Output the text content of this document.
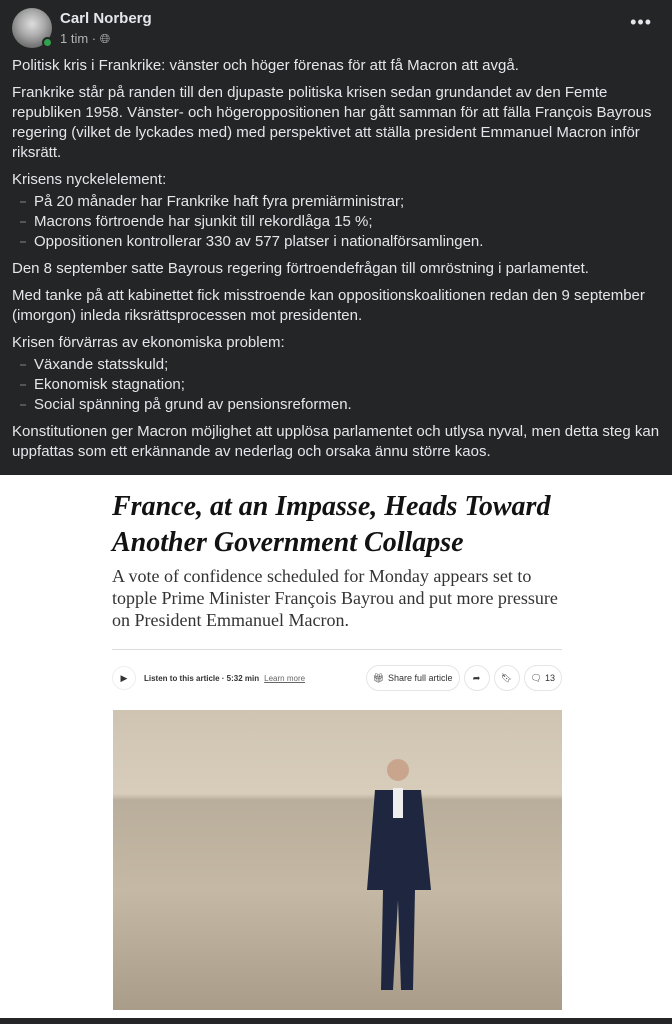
Carl Norberg
1 tim · 🌐︎
•••

Politisk kris i Frankrike: vänster och höger förenas för att få Macron att avgå.

Frankrike står på randen till den djupaste politiska krisen sedan grundandet av den Femte republiken 1958. Vänster- och högeroppositionen har gått samman för att fälla François Bayrous regering (vilket de lyckades med) med perspektivet att ställa president Emmanuel Macron inför riksrätt.

Krisens nyckelelement:

På 20 månader har Frankrike haft fyra premiärministrar;
Macrons förtroende har sjunkit till rekordlåga 15 %;
Oppositionen kontrollerar 330 av 577 platser i nationalförsamlingen.

Den 8 september satte Bayrous regering förtroendefrågan till omröstning i parlamentet.

Med tanke på att kabinettet fick misstroende kan oppositionskoalitionen redan den 9 september (imorgon) inleda riksrättsprocessen mot presidenten.

Krisen förvärras av ekonomiska problem:

Växande statsskuld;
Ekonomisk stagnation;
Social spänning på grund av pensionsreformen.

Konstitutionen ger Macron möjlighet att upplösa parlamentet och utlysa nyval, men detta steg kan uppfattas som ett erkännande av nederlag och orsaka ännu större kaos.

France, at an Impasse, Heads Toward Another Government Collapse
A vote of confidence scheduled for Monday appears set to topple Prime Minister François Bayrou and put more pressure on President Emmanuel Macron.
▶	Listen to this article · 5:32 min Learn more	🎁︎ Share full article	➦	🔖︎	🗨︎ 13
